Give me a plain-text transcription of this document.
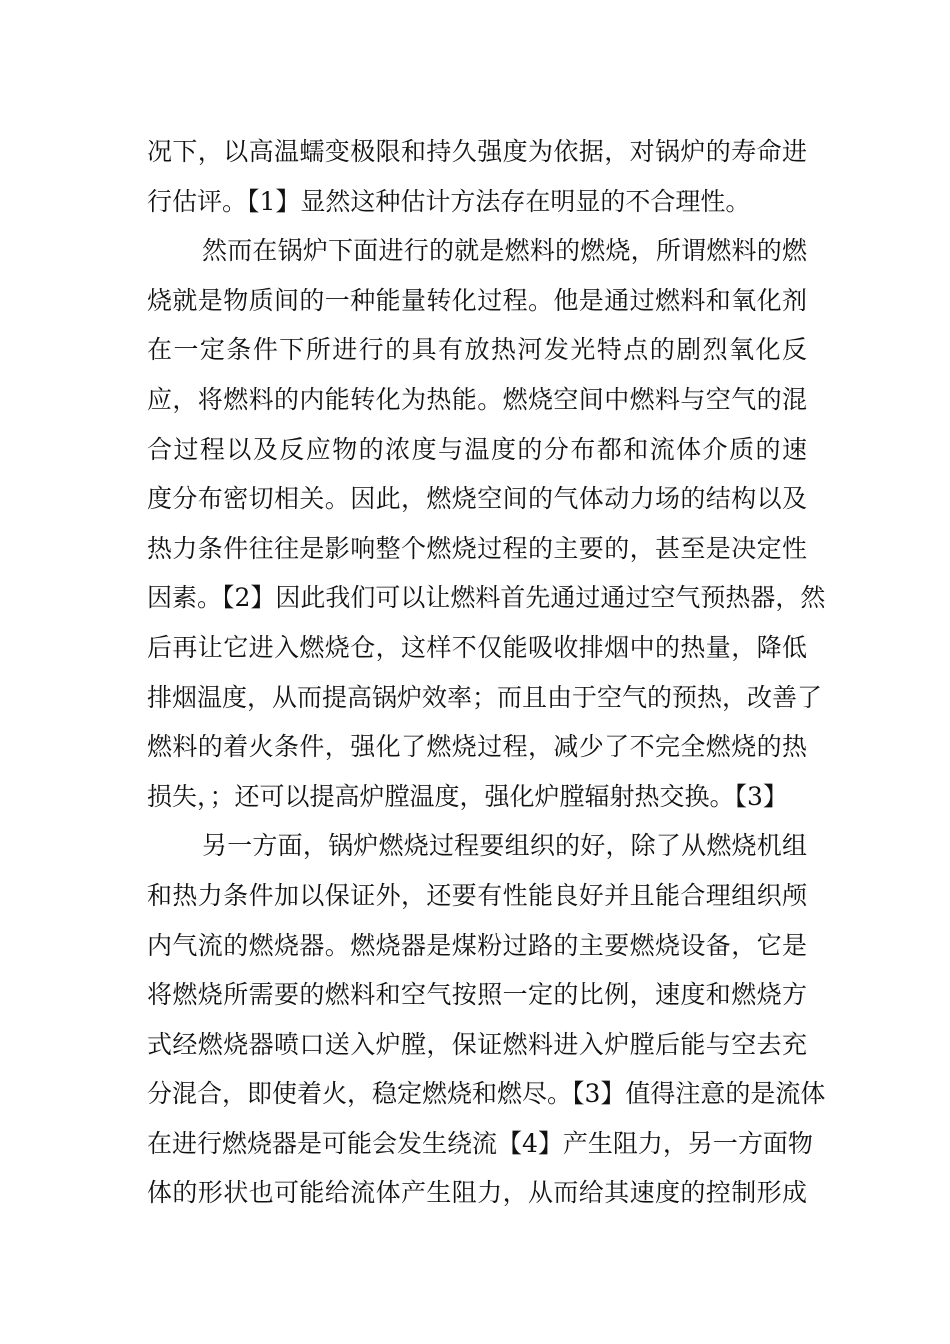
况下，以高温蠕变极限和持久强度为依据，对锅炉的寿命进
行估评。【1】显然这种估计方法存在明显的不合理性。
然而在锅炉下面进行的就是燃料的燃烧，所谓燃料的燃
烧就是物质间的一种能量转化过程。他是通过燃料和氧化剂
在一定条件下所进行的具有放热河发光特点的剧烈氧化反
应，将燃料的内能转化为热能。燃烧空间中燃料与空气的混
合过程以及反应物的浓度与温度的分布都和流体介质的速
度分布密切相关。因此，燃烧空间的气体动力场的结构以及
热力条件往往是影响整个燃烧过程的主要的，甚至是决定性
因素。【2】因此我们可以让燃料首先通过通过空气预热器，然
后再让它进入燃烧仓，这样不仅能吸收排烟中的热量，降低
排烟温度，从而提高锅炉效率；而且由于空气的预热，改善了
燃料的着火条件，强化了燃烧过程，减少了不完全燃烧的热
损失，；还可以提高炉膛温度，强化炉膛辐射热交换。【3】
另一方面，锅炉燃烧过程要组织的好，除了从燃烧机组
和热力条件加以保证外，还要有性能良好并且能合理组织颅
内气流的燃烧器。燃烧器是煤粉过路的主要燃烧设备，它是
将燃烧所需要的燃料和空气按照一定的比例，速度和燃烧方
式经燃烧器喷口送入炉膛，保证燃料进入炉膛后能与空去充
分混合，即使着火，稳定燃烧和燃尽。【3】值得注意的是流体
在进行燃烧器是可能会发生绕流【4】产生阻力，另一方面物
体的形状也可能给流体产生阻力，从而给其速度的控制形成
